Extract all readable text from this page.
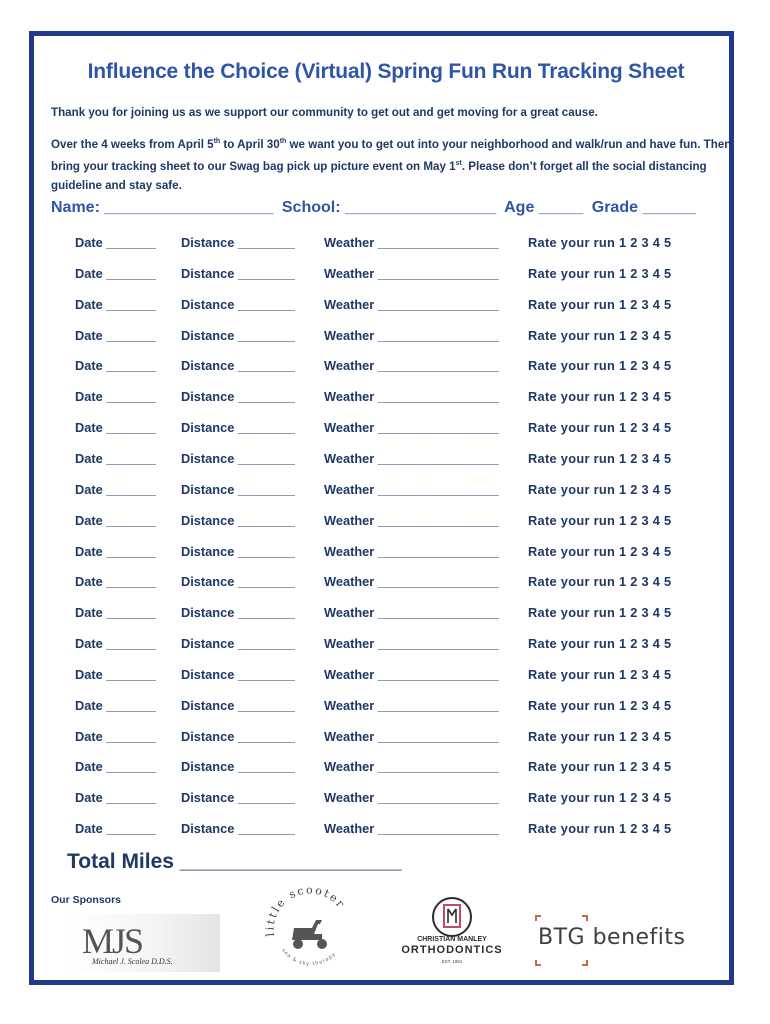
Influence the Choice (Virtual) Spring Fun Run Tracking Sheet
Thank you for joining us as we support our community to get out and get moving for a great cause.
Over the 4 weeks from April 5th to April 30th we want you to get out into your neighborhood and walk/run and have fun. Then bring your tracking sheet to our Swag bag pick up picture event on May 1st. Please don’t forget all the social distancing guideline and stay safe.
Name: ___________________ School: _________________ Age _____ Grade ______
Date _______ Distance ________ Weather _________________ Rate your run 1 2 3 4 5
Date _______ Distance ________ Weather _________________ Rate your run 1 2 3 4 5
Date _______ Distance ________ Weather _________________ Rate your run 1 2 3 4 5
Date _______ Distance ________ Weather _________________ Rate your run 1 2 3 4 5
Date _______ Distance ________ Weather _________________ Rate your run 1 2 3 4 5
Date _______ Distance ________ Weather _________________ Rate your run 1 2 3 4 5
Date _______ Distance ________ Weather _________________ Rate your run 1 2 3 4 5
Date _______ Distance ________ Weather _________________ Rate your run 1 2 3 4 5
Date _______ Distance ________ Weather _________________ Rate your run 1 2 3 4 5
Date _______ Distance ________ Weather _________________ Rate your run 1 2 3 4 5
Date _______ Distance ________ Weather _________________ Rate your run 1 2 3 4 5
Date _______ Distance ________ Weather _________________ Rate your run 1 2 3 4 5
Date _______ Distance ________ Weather _________________ Rate your run 1 2 3 4 5
Date _______ Distance ________ Weather _________________ Rate your run 1 2 3 4 5
Date _______ Distance ________ Weather _________________ Rate your run 1 2 3 4 5
Date _______ Distance ________ Weather _________________ Rate your run 1 2 3 4 5
Date _______ Distance ________ Weather _________________ Rate your run 1 2 3 4 5
Date _______ Distance ________ Weather _________________ Rate your run 1 2 3 4 5
Date _______ Distance ________ Weather _________________ Rate your run 1 2 3 4 5
Date _______ Distance ________ Weather _________________ Rate your run 1 2 3 4 5
Total Miles ___________________
Our Sponsors
MJS
Michael J. Scolea D.D.S.
little scooter
sea & sky therapy
CHRISTIAN MANLEY
ORTHODONTICS
EST. 1991
BTG benefits
